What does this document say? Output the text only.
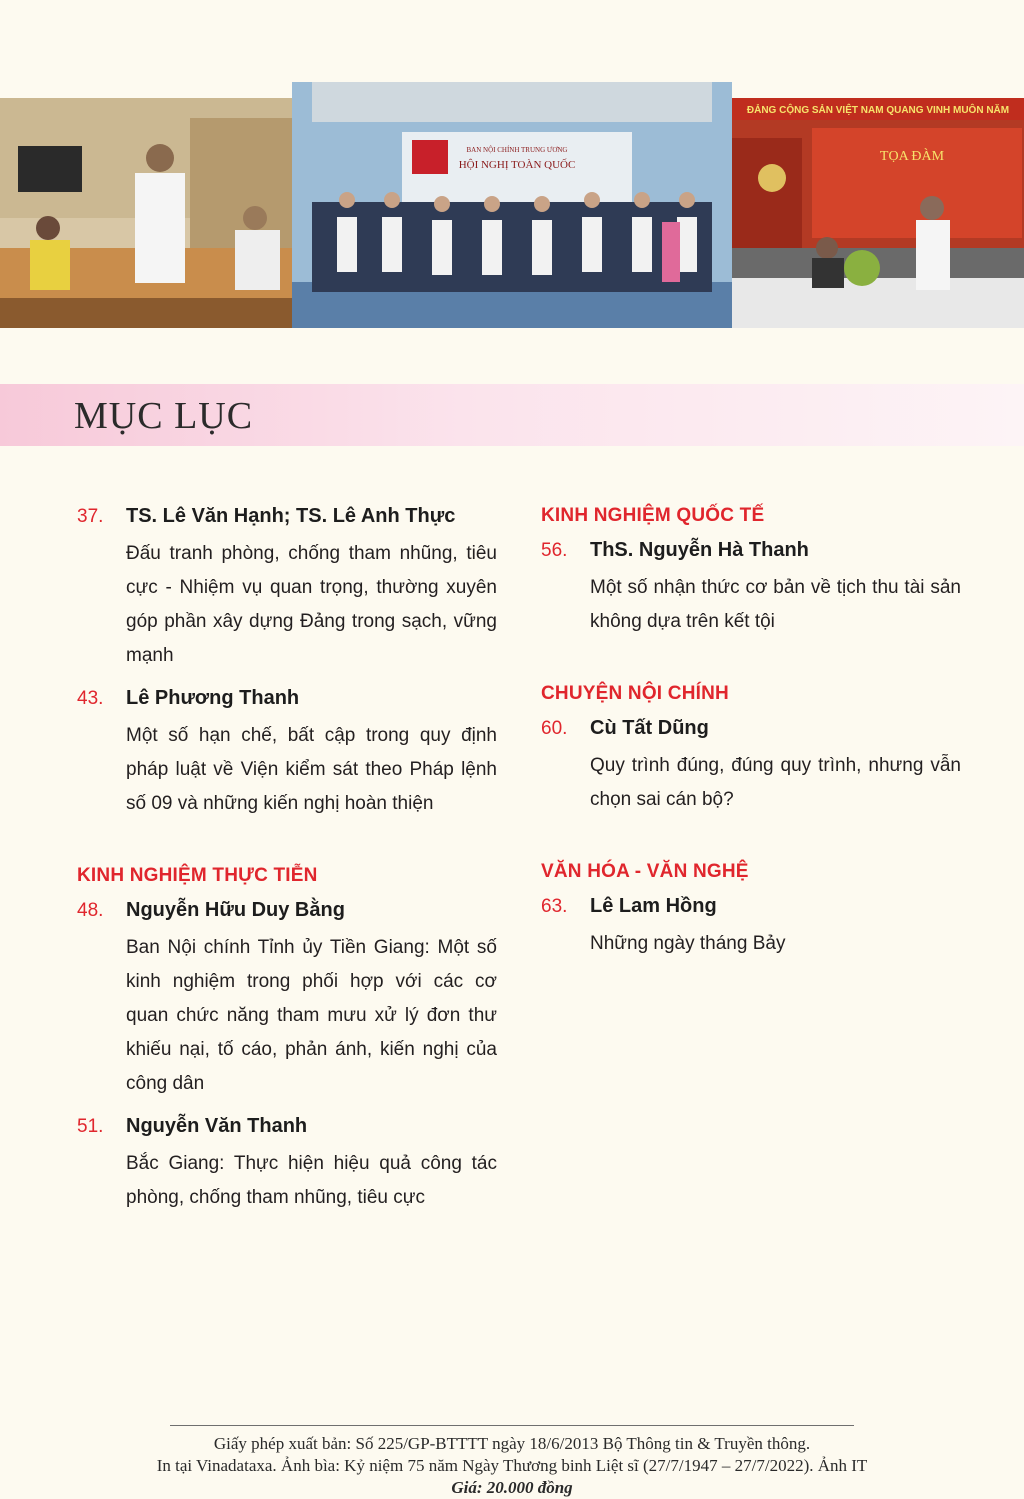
BAN NỘI CHÍNH TRUNG ƯƠNG
HỘI NGHỊ TOÀN QUỐC
ĐẢNG CỘNG SẢN VIỆT NAM QUANG VINH MUÔN NĂM
TỌA ĐÀM
MỤC LỤC
37.	TS. Lê Văn Hạnh; TS. Lê Anh Thực
Đấu tranh phòng, chống tham nhũng, tiêu cực - Nhiệm vụ quan trọng, thường xuyên góp phần xây dựng Đảng trong sạch, vững mạnh
43.	Lê Phương Thanh
Một số hạn chế, bất cập trong quy định pháp luật về Viện kiểm sát theo Pháp lệnh số 09 và những kiến nghị hoàn thiện
KINH NGHIỆM THỰC TIỄN
48.	Nguyễn Hữu Duy Bằng
Ban Nội chính Tỉnh ủy Tiền Giang: Một số kinh nghiệm trong phối hợp với các cơ quan chức năng tham mưu xử lý đơn thư khiếu nại, tố cáo, phản ánh, kiến nghị của công dân
51.	Nguyễn Văn Thanh
Bắc Giang: Thực hiện hiệu quả công tác phòng, chống tham nhũng, tiêu cực
KINH NGHIỆM QUỐC TẾ
56.	ThS. Nguyễn Hà Thanh
Một số nhận thức cơ bản về tịch thu tài sản không dựa trên kết tội
CHUYỆN NỘI CHÍNH
60.	Cù Tất Dũng
Quy trình đúng, đúng quy trình, nhưng vẫn chọn sai cán bộ?
VĂN HÓA - VĂN NGHỆ
63.	Lê Lam Hồng
Những ngày tháng Bảy
Giấy phép xuất bản: Số 225/GP-BTTTT ngày 18/6/2013 Bộ Thông tin & Truyền thông.
In tại Vinadataxa. Ảnh bìa: Kỷ niệm 75 năm Ngày Thương binh Liệt sĩ (27/7/1947 – 27/7/2022). Ảnh IT
Giá: 20.000 đồng
